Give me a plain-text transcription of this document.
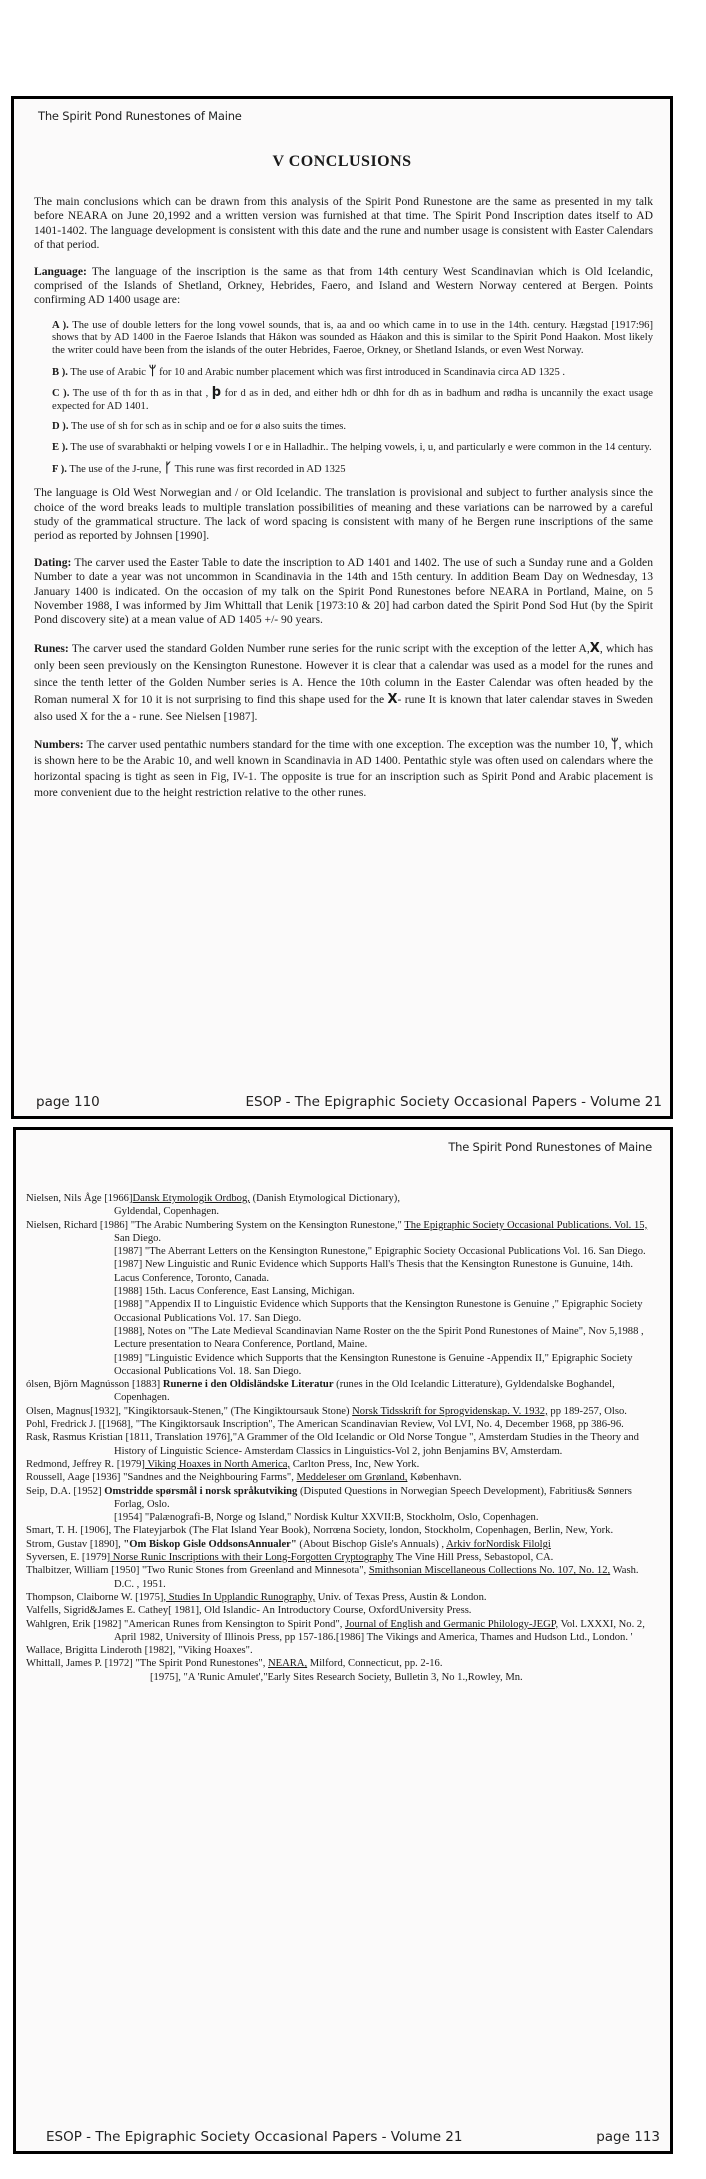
The Spirit Pond Runestones of Maine
V CONCLUSIONS

The main conclusions which can be drawn from this analysis of the Spirit Pond Runestone are the same as presented in my talk before NEARA on June 20,1992 and a written version was furnished at that time. The Spirit Pond Inscription dates itself to AD 1401-1402. The language development is consistent with this date and the rune and number usage is consistent with Easter Calendars of that period.

Language: The language of the inscription is the same as that from 14th century West Scandinavian which is Old Icelandic, comprised of the Islands of Shetland, Orkney, Hebrides, Faero, and Island and Western Norway centered at Bergen. Points confirming AD 1400 usage are:

A ). The use of double letters for the long vowel sounds, that is, aa and oo which came in to use in the 14th. century. Hægstad [1917:96] shows that by AD 1400 in the Faeroe Islands that Hákon was sounded as Háakon and this is similar to the Spirit Pond Haakon. Most likely the writer could have been from the islands of the outer Hebrides, Faeroe, Orkney, or Shetland Islands, or even West Norway.
B ). The use of Arabic ᛘ for 10 and Arabic number placement which was first introduced in Scandinavia circa AD 1325 .
C ). The use of th for th as in that , þ for d as in ded, and either hdh or dhh for dh as in badhum and rødha is uncannily the exact usage expected for AD 1401.
D ). The use of sh for sch as in schip and oe for ø also suits the times.
E ). The use of svarabhakti or helping vowels I or e in Halladhir.. The helping vowels, i, u, and particularly e were common in the 14 century.
F ). The use of the J-rune, ᚴ This rune was first recorded in AD 1325

The language is Old West Norwegian and / or Old Icelandic. The translation is provisional and subject to further analysis since the choice of the word breaks leads to multiple translation possibilities of meaning and these variations can be narrowed by a careful study of the grammatical structure. The lack of word spacing is consistent with many of he Bergen rune inscriptions of the same period as reported by Johnsen [1990].

Dating: The carver used the Easter Table to date the inscription to AD 1401 and 1402. The use of such a Sunday rune and a Golden Number to date a year was not uncommon in Scandinavia in the 14th and 15th century. In addition Beam Day on Wednesday, 13 January 1400 is indicated. On the occasion of my talk on the Spirit Pond Runestones before NEARA in Portland, Maine, on 5 November 1988, I was informed by Jim Whittall that Lenik [1973:10 & 20] had carbon dated the Spirit Pond Sod Hut (by the Spirit Pond discovery site) at a mean value of AD 1405 +/- 90 years.

Runes: The carver used the standard Golden Number rune series for the runic script with the exception of the letter A,X, which has only been seen previously on the Kensington Runestone. However it is clear that a calendar was used as a model for the runes and since the tenth letter of the Golden Number series is A. Hence the 10th column in the Easter Calendar was often headed by the Roman numeral X for 10 it is not surprising to find this shape used for the X- rune It is known that later calendar staves in Sweden also used X for the a - rune. See Nielsen [1987].

Numbers: The carver used pentathic numbers standard for the time with one exception. The exception was the number 10, ᛘ, which is shown here to be the Arabic 10, and well known in Scandinavia in AD 1400. Pentathic style was often used on calendars where the horizontal spacing is tight as seen in Fig, IV-1. The opposite is true for an inscription such as Spirit Pond and Arabic placement is more convenient due to the height restriction relative to the other runes.

page 110	ESOP - The Epigraphic Society Occasional Papers - Volume 21
The Spirit Pond Runestones of Maine

Nielsen, Nils Åge [1966]Dansk Etymologik Ordbog, (Danish Etymological Dictionary),
Gyldendal, Copenhagen.

Nielsen, Richard [1986] "The Arabic Numbering System on the Kensington Runestone," The Epigraphic Society Occasional Publications. Vol. 15, San Diego.
[1987] "The Aberrant Letters on the Kensington Runestone," Epigraphic Society Occasional Publications Vol. 16. San Diego.
[1987] New Linguistic and Runic Evidence which Supports Hall's Thesis that the Kensington Runestone is Gunuine, 14th. Lacus Conference, Toronto, Canada.
[1988] 15th. Lacus Conference, East Lansing, Michigan.
[1988] "Appendix II to Linguistic Evidence which Supports that the Kensington Runestone is Genuine ," Epigraphic Society Occasional Publications Vol. 17. San Diego.
[1988], Notes on "The Late Medieval Scandinavian Name Roster on the the Spirit Pond Runestones of Maine", Nov 5,1988 , Lecture presentation to Neara Conference, Portland, Maine.
[1989] "Linguistic Evidence which Supports that the Kensington Runestone is Genuine -Appendix II," Epigraphic Society Occasional Publications Vol. 18. San Diego.

ólsen, Björn Magnússon [1883] Runerne i den Oldisländske Literatur (runes in the Old Icelandic Litterature), Gyldendalske Boghandel, Copenhagen.

Olsen, Magnus[1932], "Kingiktorsauk-Stenen," (The Kingiktoursauk Stone) Norsk Tidsskrift for Sprogvidenskap. V. 1932, pp 189-257, Olso.

Pohl, Fredrick J. [[1968], "The Kingiktorsauk Inscription", The American Scandinavian Review, Vol LVI, No. 4, December 1968, pp 386-96.

Rask, Rasmus Kristian [1811, Translation 1976],"A Grammer of the Old Icelandic or Old Norse Tongue ", Amsterdam Studies in the Theory and History of Linguistic Science- Amsterdam Classics in Linguistics-Vol 2, john Benjamins BV, Amsterdam.

Redmond, Jeffrey R. [1979] Viking Hoaxes in North America, Carlton Press, Inc, New York.

Roussell, Aage [1936] "Sandnes and the Neighbouring Farms", Meddeleser om Grønland, København.

Seip, D.A. [1952] Omstridde spørsmål i norsk språkutviking (Disputed Questions in Norwegian Speech Development), Fabritius& Sønners Forlag, Oslo.
[1954] "Palænografi-B, Norge og Island," Nordisk Kultur XXVII:B, Stockholm, Oslo, Copenhagen.

Smart, T. H. [1906], The Flateyjarbok (The Flat Island Year Book), Norrœna Society, london, Stockholm, Copenhagen, Berlin, New, York.

Strom, Gustav [1890], "Om Biskop Gisle OddsonsAnnualer" (About Bischop Gisle's Annuals) , Arkiv forNordisk Filolgi

Syversen, E. [1979] Norse Runic Inscriptions with their Long-Forgotten Cryptography The Vine Hill Press, Sebastopol, CA.

Thalbitzer, William [1950] "Two Runic Stones from Greenland and Minnesota", Smithsonian Miscellaneous Collections No. 107, No. 12, Wash. D.C. , 1951.

Thompson, Claiborne W. [1975], Studies In Upplandic Runography, Univ. of Texas Press, Austin & London.

Valfells, Sigrid&James E. Cathey[ 1981], Old Islandic- An Introductory Course, OxfordUniversity Press.

Wahlgren, Erik [1982] "American Runes from Kensington to Spirit Pond", Journal of English and Germanic Philology-JEGP, Vol. LXXXI, No. 2, April 1982, University of Illinois Press, pp 157-186.[1986] The Vikings and America, Thames and Hudson Ltd., London. '

Wallace, Brigitta Linderoth [1982], "Viking Hoaxes".

Whittall, James P. [1972] "The Spirit Pond Runestones", NEARA, Milford, Connecticut, pp. 2-16.

[1975], "A 'Runic Amulet',"Early Sites Research Society, Bulletin 3, No 1.,Rowley, Mn.

ESOP - The Epigraphic Society Occasional Papers - Volume 21	page 113
